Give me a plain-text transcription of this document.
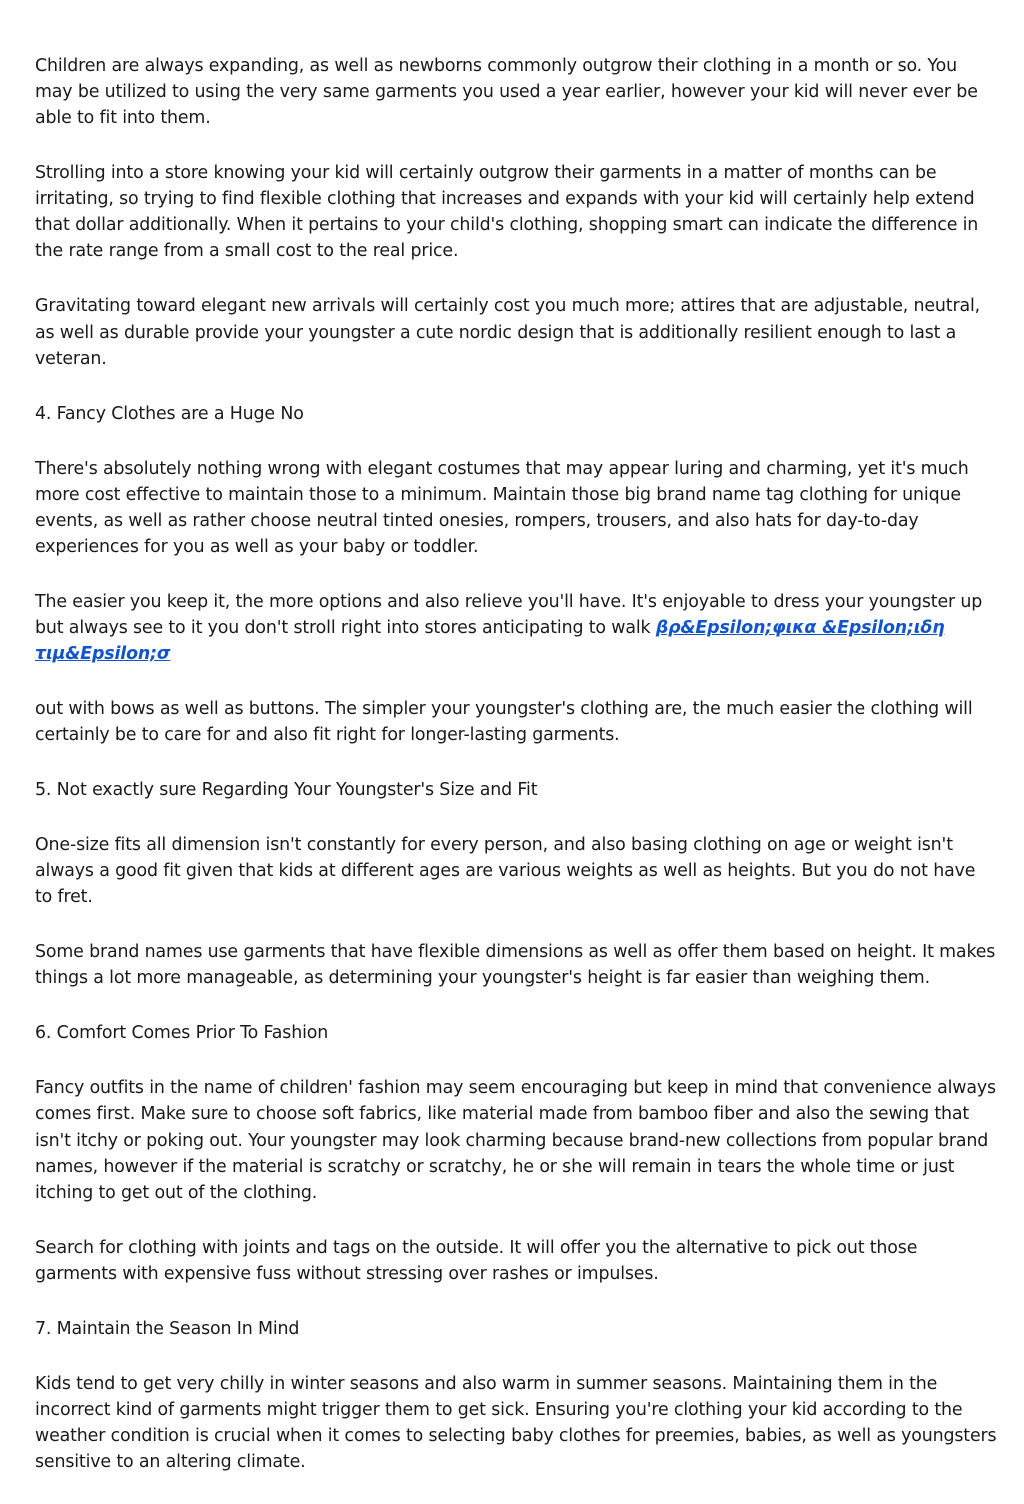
Children are always expanding, as well as newborns commonly outgrow their clothing in a month or so. You may be utilized to using the very same garments you used a year earlier, however your kid will never ever be able to fit into them.

Strolling into a store knowing your kid will certainly outgrow their garments in a matter of months can be irritating, so trying to find flexible clothing that increases and expands with your kid will certainly help extend that dollar additionally. When it pertains to your child's clothing, shopping smart can indicate the difference in the rate range from a small cost to the real price.

Gravitating toward elegant new arrivals will certainly cost you much more; attires that are adjustable, neutral, as well as durable provide your youngster a cute nordic design that is additionally resilient enough to last a veteran.

4. Fancy Clothes are a Huge No

There's absolutely nothing wrong with elegant costumes that may appear luring and charming, yet it's much more cost effective to maintain those to a minimum. Maintain those big brand name tag clothing for unique events, as well as rather choose neutral tinted onesies, rompers, trousers, and also hats for day-to-day experiences for you as well as your baby or toddler.

The easier you keep it, the more options and also relieve you'll have. It's enjoyable to dress your youngster up but always see to it you don't stroll right into stores anticipating to walk βρ&Epsilon;φικα &Epsilon;ιδη τιμ&Epsilon;σ

out with bows as well as buttons. The simpler your youngster's clothing are, the much easier the clothing will certainly be to care for and also fit right for longer-lasting garments.

5. Not exactly sure Regarding Your Youngster's Size and Fit

One-size fits all dimension isn't constantly for every person, and also basing clothing on age or weight isn't always a good fit given that kids at different ages are various weights as well as heights. But you do not have to fret.

Some brand names use garments that have flexible dimensions as well as offer them based on height. It makes things a lot more manageable, as determining your youngster's height is far easier than weighing them.

6. Comfort Comes Prior To Fashion

Fancy outfits in the name of children' fashion may seem encouraging but keep in mind that convenience always comes first. Make sure to choose soft fabrics, like material made from bamboo fiber and also the sewing that isn't itchy or poking out. Your youngster may look charming because brand-new collections from popular brand names, however if the material is scratchy or scratchy, he or she will remain in tears the whole time or just itching to get out of the clothing.

Search for clothing with joints and tags on the outside. It will offer you the alternative to pick out those garments with expensive fuss without stressing over rashes or impulses.

7. Maintain the Season In Mind

Kids tend to get very chilly in winter seasons and also warm in summer seasons. Maintaining them in the incorrect kind of garments might trigger them to get sick. Ensuring you're clothing your kid according to the weather condition is crucial when it comes to selecting baby clothes for preemies, babies, as well as youngsters sensitive to an altering climate.
